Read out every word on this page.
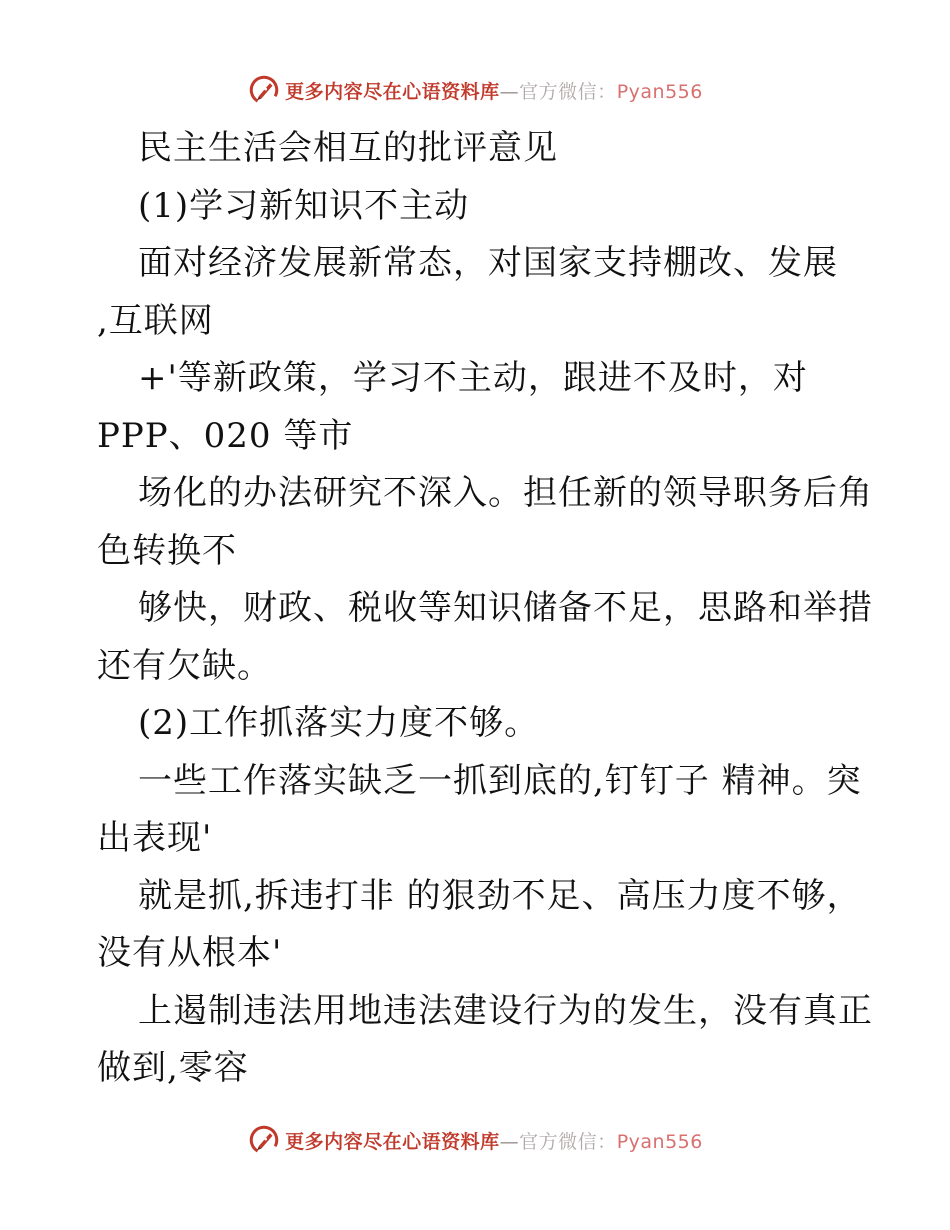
更多内容尽在心语资料库—官方微信：Pyan556
民主生活会相互的批评意见
(1)学习新知识不主动
面对经济发展新常态，对国家支持棚改、发展
,互联网
+'等新政策，学习不主动，跟进不及时，对
PPP、020 等市
场化的办法研究不深入。担任新的领导职务后角
色转换不
够快，财政、税收等知识储备不足，思路和举措
还有欠缺。
(2)工作抓落实力度不够。
一些工作落实缺乏一抓到底的,钉钉子 精神。突
出表现'
就是抓,拆违打非 的狠劲不足、高压力度不够，
没有从根本'
上遏制违法用地违法建设行为的发生，没有真正
做到,零容
更多内容尽在心语资料库—官方微信：Pyan556
